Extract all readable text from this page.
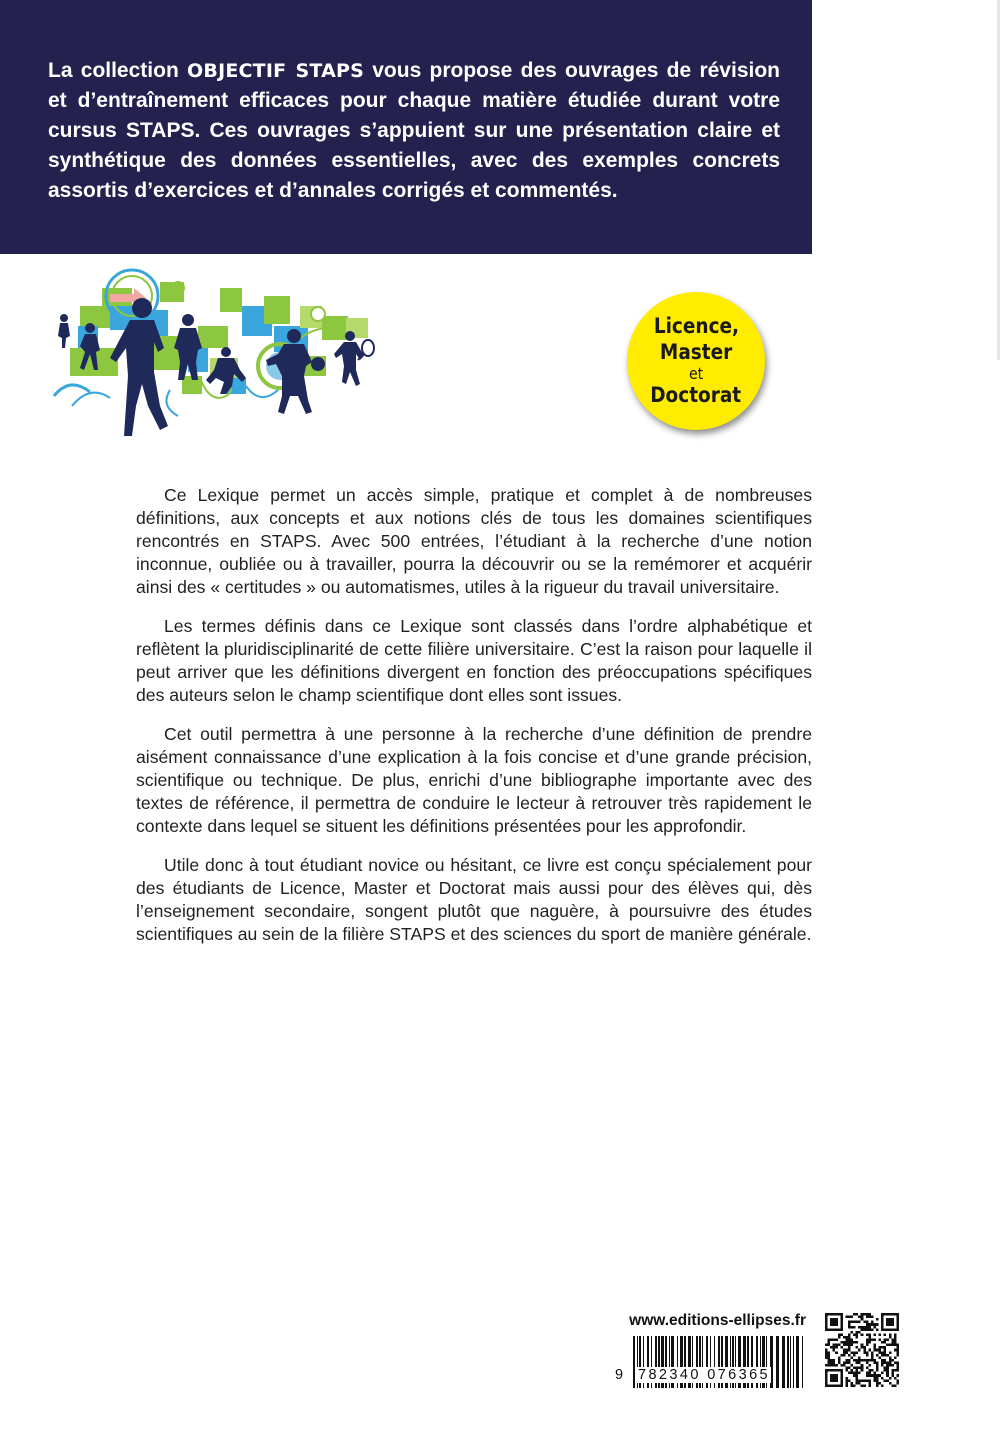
La collection OBJECTIF STAPS vous propose des ouvrages de révision et d’entraînement efficaces pour chaque matière étudiée durant votre cursus STAPS. Ces ouvrages s’appuient sur une présentation claire et synthétique des données essentielles, avec des exemples concrets assortis d’exercices et d’annales corrigés et commentés.

Licence,
Master
et
Doctorat

Ce Lexique permet un accès simple, pratique et complet à de nombreuses définitions, aux concepts et aux notions clés de tous les domaines scientifiques rencontrés en STAPS. Avec 500 entrées, l’étudiant à la recherche d’une notion inconnue, oubliée ou à travailler, pourra la découvrir ou se la remémorer et acquérir ainsi des « certitudes » ou automatismes, utiles à la rigueur du travail universitaire.

Les termes définis dans ce Lexique sont classés dans l’ordre alphabétique et reflètent la pluridisciplinarité de cette filière universitaire. C’est la raison pour laquelle il peut arriver que les définitions divergent en fonction des préoccupations spécifiques des auteurs selon le champ scientifique dont elles sont issues.

Cet outil permettra à une personne à la recherche d’une définition de prendre aisément connaissance d’une explication à la fois concise et d’une grande précision, scientifique ou technique. De plus, enrichi d’une bibliographe importante avec des textes de référence, il permettra de conduire le lecteur à retrouver très rapidement le contexte dans lequel se situent les définitions présentées pour les approfondir.

Utile donc à tout étudiant novice ou hésitant, ce livre est conçu spécialement pour des étudiants de Licence, Master et Doctorat mais aussi pour des élèves qui, dès l’enseignement secondaire, songent plutôt que naguère, à poursuivre des études scientifiques au sein de la filière STAPS et des sciences du sport de manière générale.

www.editions-ellipses.fr
9 782340 076365
